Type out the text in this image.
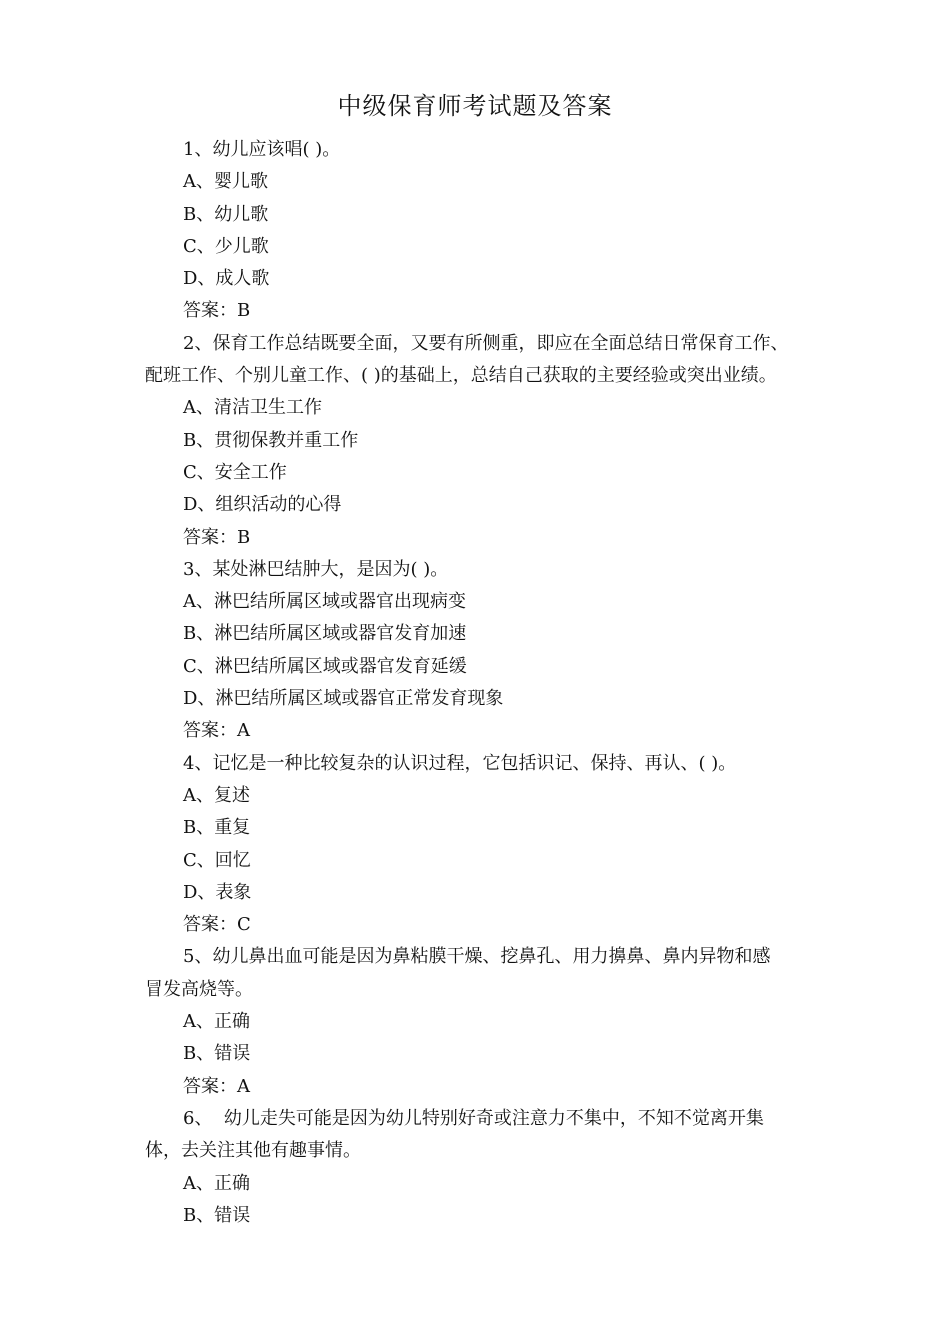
中级保育师考试题及答案
1、幼儿应该唱( )。
A、婴儿歌
B、幼儿歌
C、少儿歌
D、成人歌
答案：B
2、保育工作总结既要全面，又要有所侧重，即应在全面总结日常保育工作、
配班工作、个别儿童工作、( )的基础上，总结自己获取的主要经验或突出业绩。
A、清洁卫生工作
B、贯彻保教并重工作
C、安全工作
D、组织活动的心得
答案：B
3、某处淋巴结肿大，是因为( )。
A、淋巴结所属区域或器官出现病变
B、淋巴结所属区域或器官发育加速
C、淋巴结所属区域或器官发育延缓
D、淋巴结所属区域或器官正常发育现象
答案：A
4、记忆是一种比较复杂的认识过程，它包括识记、保持、再认、( )。
A、复述
B、重复
C、回忆
D、表象
答案：C
5、幼儿鼻出血可能是因为鼻粘膜干燥、挖鼻孔、用力擤鼻、鼻内异物和感
冒发高烧等。
A、正确
B、错误
答案：A
6、  幼儿走失可能是因为幼儿特别好奇或注意力不集中，不知不觉离开集
体，去关注其他有趣事情。
A、正确
B、错误
